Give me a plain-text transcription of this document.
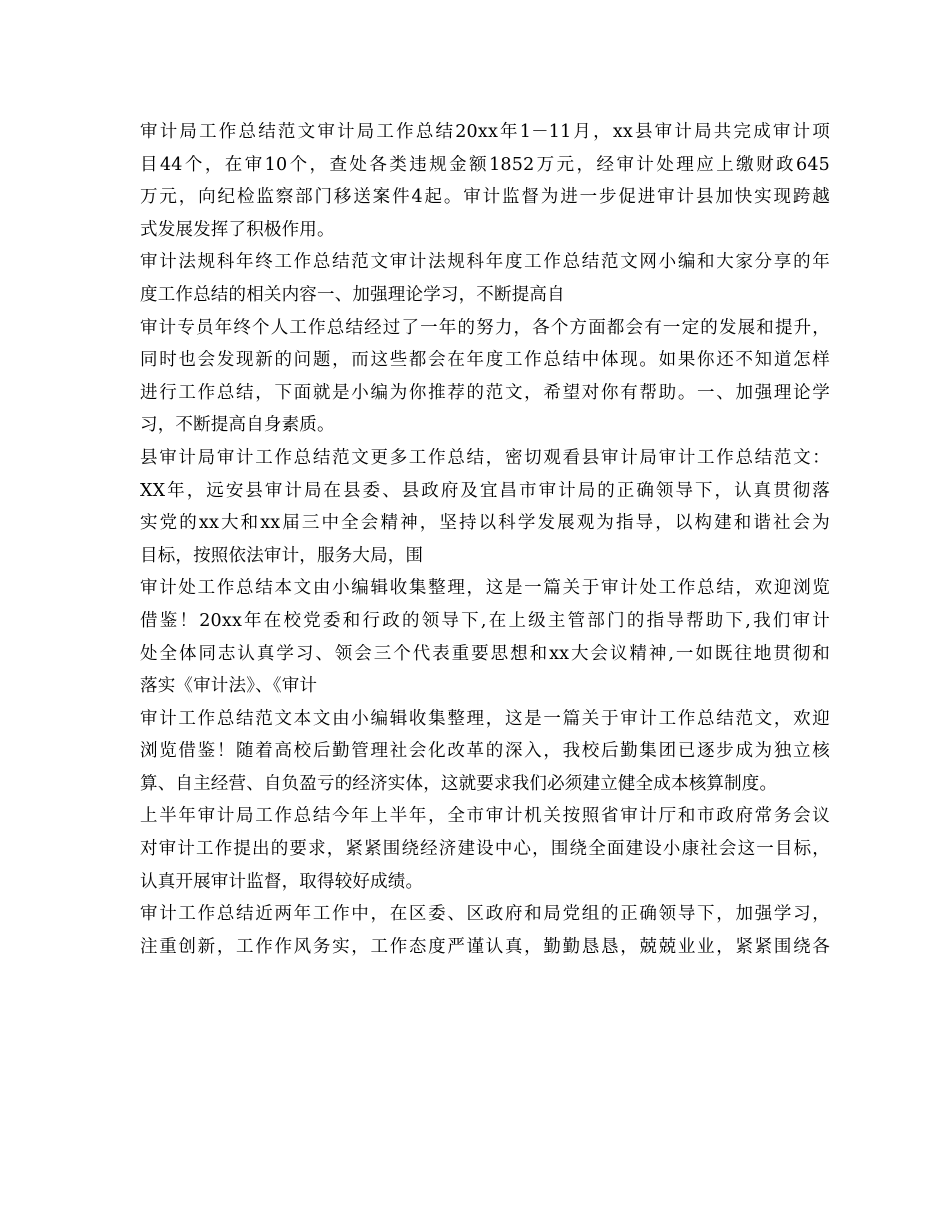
审计局工作总结范文审计局工作总结20xx年1－11月，xx县审计局共完成审计项
目44个，在审10个，查处各类违规金额1852万元，经审计处理应上缴财政645
万元，向纪检监察部门移送案件4起。审计监督为进一步促进审计县加快实现跨越
式发展发挥了积极作用。
审计法规科年终工作总结范文审计法规科年度工作总结范文网小编和大家分享的年
度工作总结的相关内容一、加强理论学习，不断提高自
审计专员年终个人工作总结经过了一年的努力，各个方面都会有一定的发展和提升，
同时也会发现新的问题，而这些都会在年度工作总结中体现。如果你还不知道怎样
进行工作总结，下面就是小编为你推荐的范文，希望对你有帮助。一、加强理论学
习，不断提高自身素质。
县审计局审计工作总结范文更多工作总结，密切观看县审计局审计工作总结范文：
XX年，远安县审计局在县委、县政府及宜昌市审计局的正确领导下，认真贯彻落
实党的xx大和xx届三中全会精神，坚持以科学发展观为指导，以构建和谐社会为
目标，按照依法审计，服务大局，围
审计处工作总结本文由小编辑收集整理，这是一篇关于审计处工作总结，欢迎浏览
借鉴！20xx年在校党委和行政的领导下,在上级主管部门的指导帮助下,我们审计
处全体同志认真学习、领会三个代表重要思想和xx大会议精神,一如既往地贯彻和
落实《审计法》、《审计
审计工作总结范文本文由小编辑收集整理，这是一篇关于审计工作总结范文，欢迎
浏览借鉴！随着高校后勤管理社会化改革的深入，我校后勤集团已逐步成为独立核
算、自主经营、自负盈亏的经济实体，这就要求我们必须建立健全成本核算制度。
上半年审计局工作总结今年上半年，全市审计机关按照省审计厅和市政府常务会议
对审计工作提出的要求，紧紧围绕经济建设中心，围绕全面建设小康社会这一目标，
认真开展审计监督，取得较好成绩。
审计工作总结近两年工作中，在区委、区政府和局党组的正确领导下，加强学习，
注重创新，工作作风务实，工作态度严谨认真，勤勤恳恳，兢兢业业，紧紧围绕各
